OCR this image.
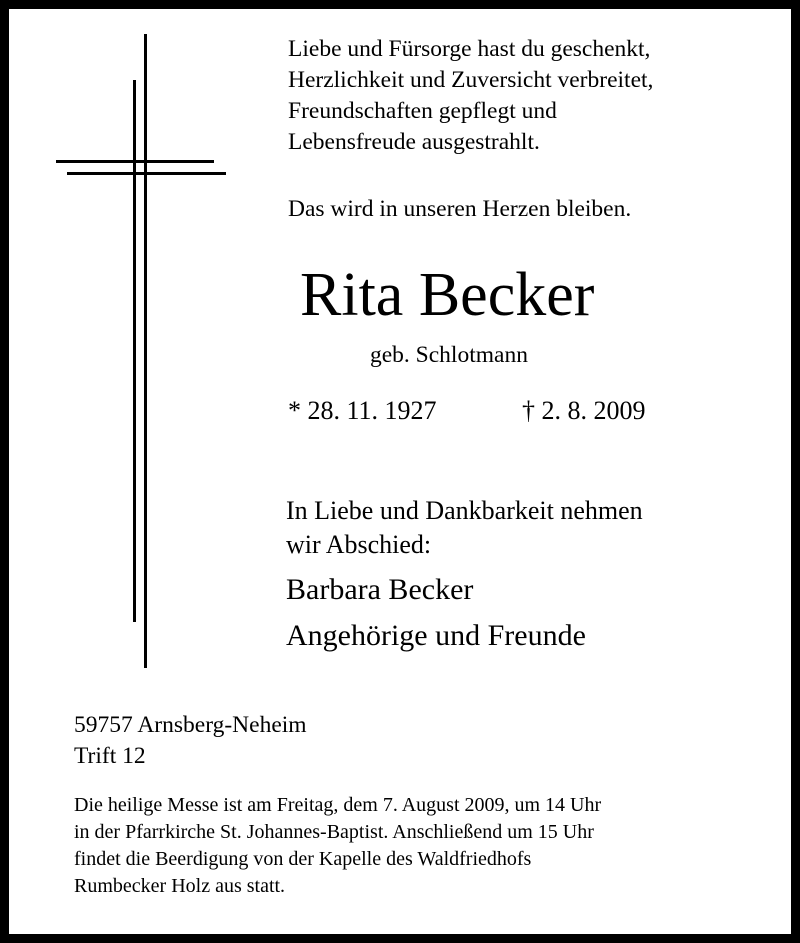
Liebe und Fürsorge hast du geschenkt,
Herzlichkeit und Zuversicht verbreitet,
Freundschaften gepflegt und
Lebensfreude ausgestrahlt.

Das wird in unseren Herzen bleiben.

Rita Becker

geb. Schlotmann

* 28. 11. 1927	† 2. 8. 2009
In Liebe und Dankbarkeit nehmen
wir Abschied:

Barbara Becker

Angehörige und Freunde

59757 Arnsberg-Neheim
Trift 12
Die heilige Messe ist am Freitag, dem 7. August 2009, um 14 Uhr
in der Pfarrkirche St. Johannes-Baptist. Anschließend um 15 Uhr
findet die Beerdigung von der Kapelle des Waldfriedhofs
Rumbecker Holz aus statt.
